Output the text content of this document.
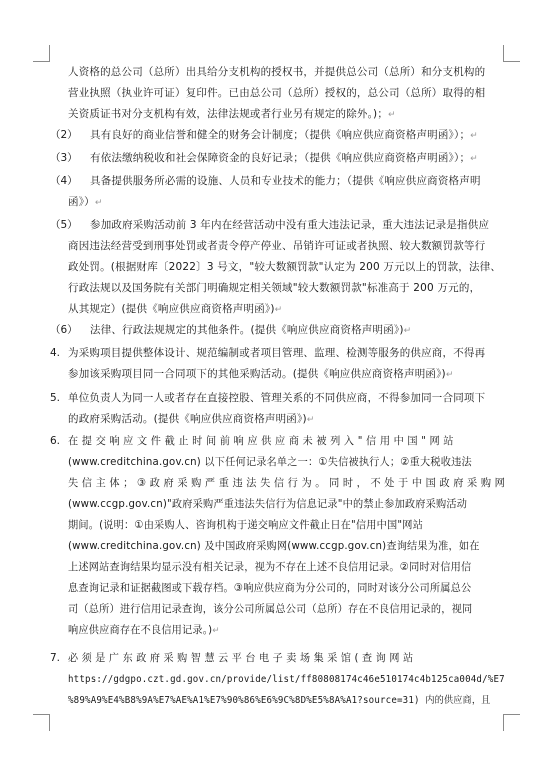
人资格的总公司（总所）出具给分支机构的授权书，并提供总公司（总所）和分支机构的
营业执照（执业许可证）复印件。已由总公司（总所）授权的，总公司（总所）取得的相
关资质证书对分支机构有效，法律法规或者行业另有规定的除外。)；↵
（2） 具有良好的商业信誉和健全的财务会计制度；（提供《响应供应商资格声明函》）；↵
（3） 有依法缴纳税收和社会保障资金的良好记录；（提供《响应供应商资格声明函》）；↵
（4） 具备提供服务所必需的设施、人员和专业技术的能力；（提供《响应供应商资格声明
函》）↵
（5） 参加政府采购活动前 3 年内在经营活动中没有重大违法记录，重大违法记录是指供应
商因违法经营受到刑事处罚或者责令停产停业、吊销许可证或者执照、较大数额罚款等行
政处罚。(根据财库〔2022〕3 号文，"较大数额罚款"认定为 200 万元以上的罚款，法律、
行政法规以及国务院有关部门明确规定相关领域"较大数额罚款"标准高于 200 万元的，
从其规定）(提供《响应供应商资格声明函》)↵
（6） 法律、行政法规规定的其他条件。(提供《响应供应商资格声明函》)↵
4. 为采购项目提供整体设计、规范编制或者项目管理、监理、检测等服务的供应商，不得再
参加该采购项目同一合同项下的其他采购活动。(提供《响应供应商资格声明函》)↵
5. 单位负责人为同一人或者存在直接控股、管理关系的不同供应商，不得参加同一合同项下
的政府采购活动。(提供《响应供应商资格声明函》)↵
6. 在 提 交 响 应 文 件 截 止 时 间 前 响 应 供 应 商 未 被 列 入 " 信 用 中 国 " 网 站
(www.creditchina.gov.cn) 以下任何记录名单之一：①失信被执行人；②重大税收违法
失 信 主 体 ； ③ 政 府 采 购 严 重 违 法 失 信 行 为 。 同 时 ， 不 处 于 中 国 政 府 采 购 网
(www.ccgp.gov.cn)"政府采购严重违法失信行为信息记录"中的禁止参加政府采购活动
期间。(说明：①由采购人、咨询机构于递交响应文件截止日在"信用中国"网站
(www.creditchina.gov.cn) 及中国政府采购网(www.ccgp.gov.cn)查询结果为准，如在
上述网站查询结果均显示没有相关记录，视为不存在上述不良信用记录。②同时对信用信
息查询记录和证据截图或下载存档。③响应供应商为分公司的，同时对该分公司所属总公
司（总所）进行信用记录查询，该分公司所属总公司（总所）存在不良信用记录的，视同
响应供应商存在不良信用记录。)↵
7. 必 须 是 广 东 政 府 采 购 智 慧 云 平 台 电 子 卖 场 集 采 馆 ( 查 询 网 站
https://gdgpo.czt.gd.gov.cn/provide/list/ff80808174c46e510174c4b125ca004d/%E7
%89%A9%E4%B8%9A%E7%AE%A1%E7%90%86%E6%9C%8D%E5%8A%A1?source=31) 内的供应商，且
